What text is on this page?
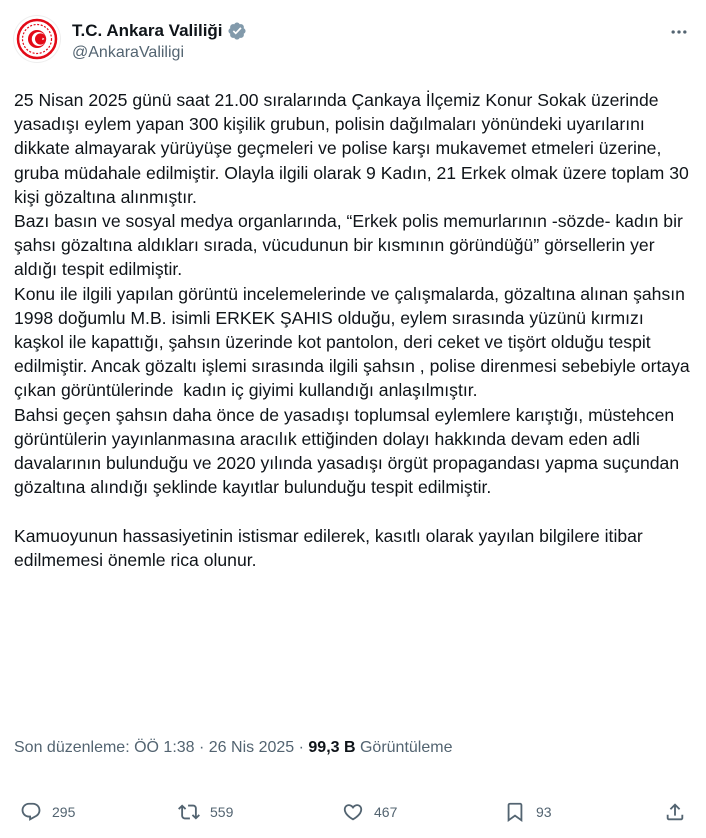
T.C. Ankara Valiliği
@AnkaraValiligi
25 Nisan 2025 günü saat 21.00 sıralarında Çankaya İlçemiz Konur Sokak üzerinde yasadışı eylem yapan 300 kişilik grubun, polisin dağılmaları yönündeki uyarılarını dikkate almayarak yürüyüşe geçmeleri ve polise karşı mukavemet etmeleri üzerine, gruba müdahale edilmiştir. Olayla ilgili olarak 9 Kadın, 21 Erkek olmak üzere toplam 30 kişi gözaltına alınmıştır.
Bazı basın ve sosyal medya organlarında, “Erkek polis memurlarının -sözde- kadın bir şahsı gözaltına aldıkları sırada, vücudunun bir kısmının göründüğü” görsellerin yer aldığı tespit edilmiştir.
Konu ile ilgili yapılan görüntü incelemelerinde ve çalışmalarda, gözaltına alınan şahsın 1998 doğumlu M.B. isimli ERKEK ŞAHIS olduğu, eylem sırasında yüzünü kırmızı kaşkol ile kapattığı, şahsın üzerinde kot pantolon, deri ceket ve tişört olduğu tespit edilmiştir. Ancak gözaltı işlemi sırasında ilgili şahsın , polise direnmesi sebebiyle ortaya çıkan görüntülerinde  kadın iç giyimi kullandığı anlaşılmıştır.
Bahsi geçen şahsın daha önce de yasadışı toplumsal eylemlere karıştığı, müstehcen görüntülerin yayınlanmasına aracılık ettiğinden dolayı hakkında devam eden adli davalarının bulunduğu ve 2020 yılında yasadışı örgüt propagandası yapma suçundan gözaltına alındığı şeklinde kayıtlar bulunduğu tespit edilmiştir.

Kamuoyunun hassasiyetinin istismar edilerek, kasıtlı olarak yayılan bilgilere itibar edilmemesi önemle rica olunur.
Son düzenleme: ÖÖ 1:38 · 26 Nis 2025 · 99,3 B Görüntüleme
295	559	467	93
